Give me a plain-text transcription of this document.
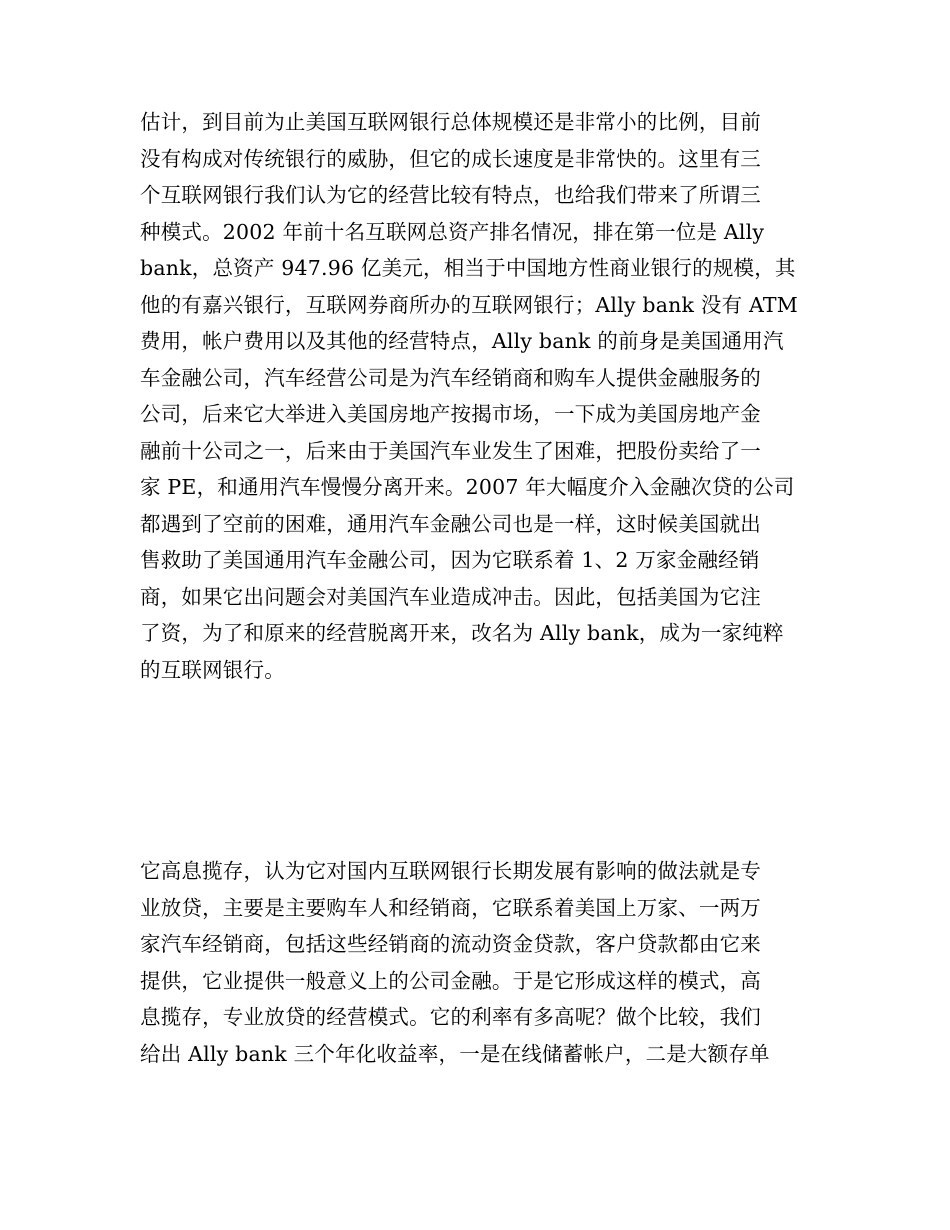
估计，到目前为止美国互联网银行总体规模还是非常小的比例，目前
没有构成对传统银行的威胁，但它的成长速度是非常快的。这里有三
个互联网银行我们认为它的经营比较有特点，也给我们带来了所谓三
种模式。2002 年前十名互联网总资产排名情况，排在第一位是 Ally
bank，总资产 947.96 亿美元，相当于中国地方性商业银行的规模，其
他的有嘉兴银行，互联网券商所办的互联网银行；Ally bank 没有 ATM
费用，帐户费用以及其他的经营特点，Ally bank 的前身是美国通用汽
车金融公司，汽车经营公司是为汽车经销商和购车人提供金融服务的
公司，后来它大举进入美国房地产按揭市场，一下成为美国房地产金
融前十公司之一，后来由于美国汽车业发生了困难，把股份卖给了一
家 PE，和通用汽车慢慢分离开来。2007 年大幅度介入金融次贷的公司
都遇到了空前的困难，通用汽车金融公司也是一样，这时候美国就出
售救助了美国通用汽车金融公司，因为它联系着 1、2 万家金融经销
商，如果它出问题会对美国汽车业造成冲击。因此，包括美国为它注
了资，为了和原来的经营脱离开来，改名为 Ally bank，成为一家纯粹
的互联网银行。
它高息揽存，认为它对国内互联网银行长期发展有影响的做法就是专
业放贷，主要是主要购车人和经销商，它联系着美国上万家、一两万
家汽车经销商，包括这些经销商的流动资金贷款，客户贷款都由它来
提供，它业提供一般意义上的公司金融。于是它形成这样的模式，高
息揽存，专业放贷的经营模式。它的利率有多高呢？做个比较，我们
给出 Ally bank 三个年化收益率，一是在线储蓄帐户，二是大额存单
